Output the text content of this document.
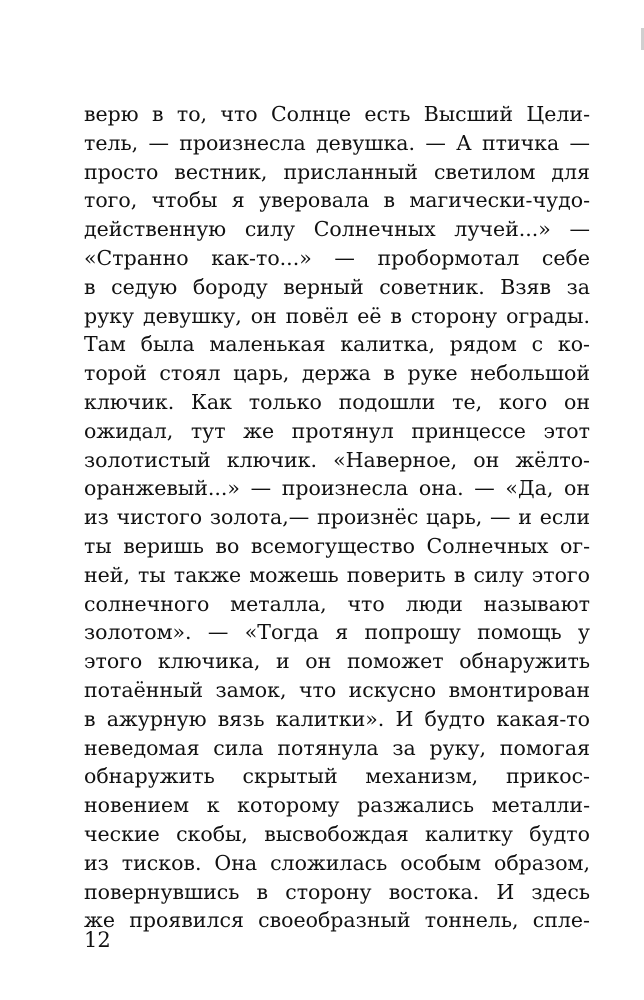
верю в то, что Солнце есть Высший Цели-
тель, — произнесла девушка. — А птичка —
просто вестник, присланный светилом для
того, чтобы я уверовала в магически-чудо-
действенную силу Солнечных лучей...» —
«Странно как-то...» — пробормотал себе
в седую бороду верный советник. Взяв за
руку девушку, он повёл её в сторону ограды.
Там была маленькая калитка, рядом с ко-
торой стоял царь, держа в руке небольшой
ключик. Как только подошли те, кого он
ожидал, тут же протянул принцессе этот
золотистый ключик. «Наверное, он жёлто-
оранжевый...» — произнесла она. — «Да, он
из чистого золота,— произнёс царь, — и если
ты веришь во всемогущество Солнечных ог-
ней, ты также можешь поверить в силу этого
солнечного металла, что люди называют
золотом». — «Тогда я попрошу помощь у
этого ключика, и он поможет обнаружить
потаённый замок, что искусно вмонтирован
в ажурную вязь калитки». И будто какая-то
неведомая сила потянула за руку, помогая
обнаружить скрытый механизм, прикос-
новением к которому разжались металли-
ческие скобы, высвобождая калитку будто
из тисков. Она сложилась особым образом,
повернувшись в сторону востока. И здесь
же проявился своеобразный тоннель, спле-
12
